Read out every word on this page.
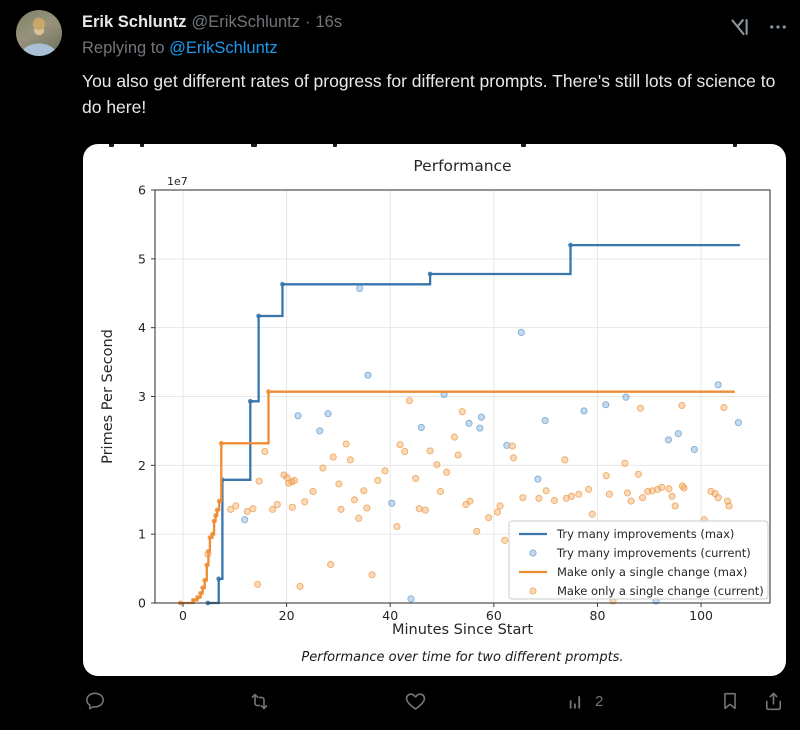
Erik Schluntz @ErikSchluntz · 16s
Replying to @ErikSchluntz
You also get different rates of progress for different prompts. There's still lots of science to do here!
0	20	40	60	80	100
0
1
2
3
4
5
6
Performance
1e7
Minutes Since Start
Primes Per Second
Performance over time for two different prompts.
Try many improvements (max)
Try many improvements (current)
Make only a single change (max)
Make only a single change (current)
2
